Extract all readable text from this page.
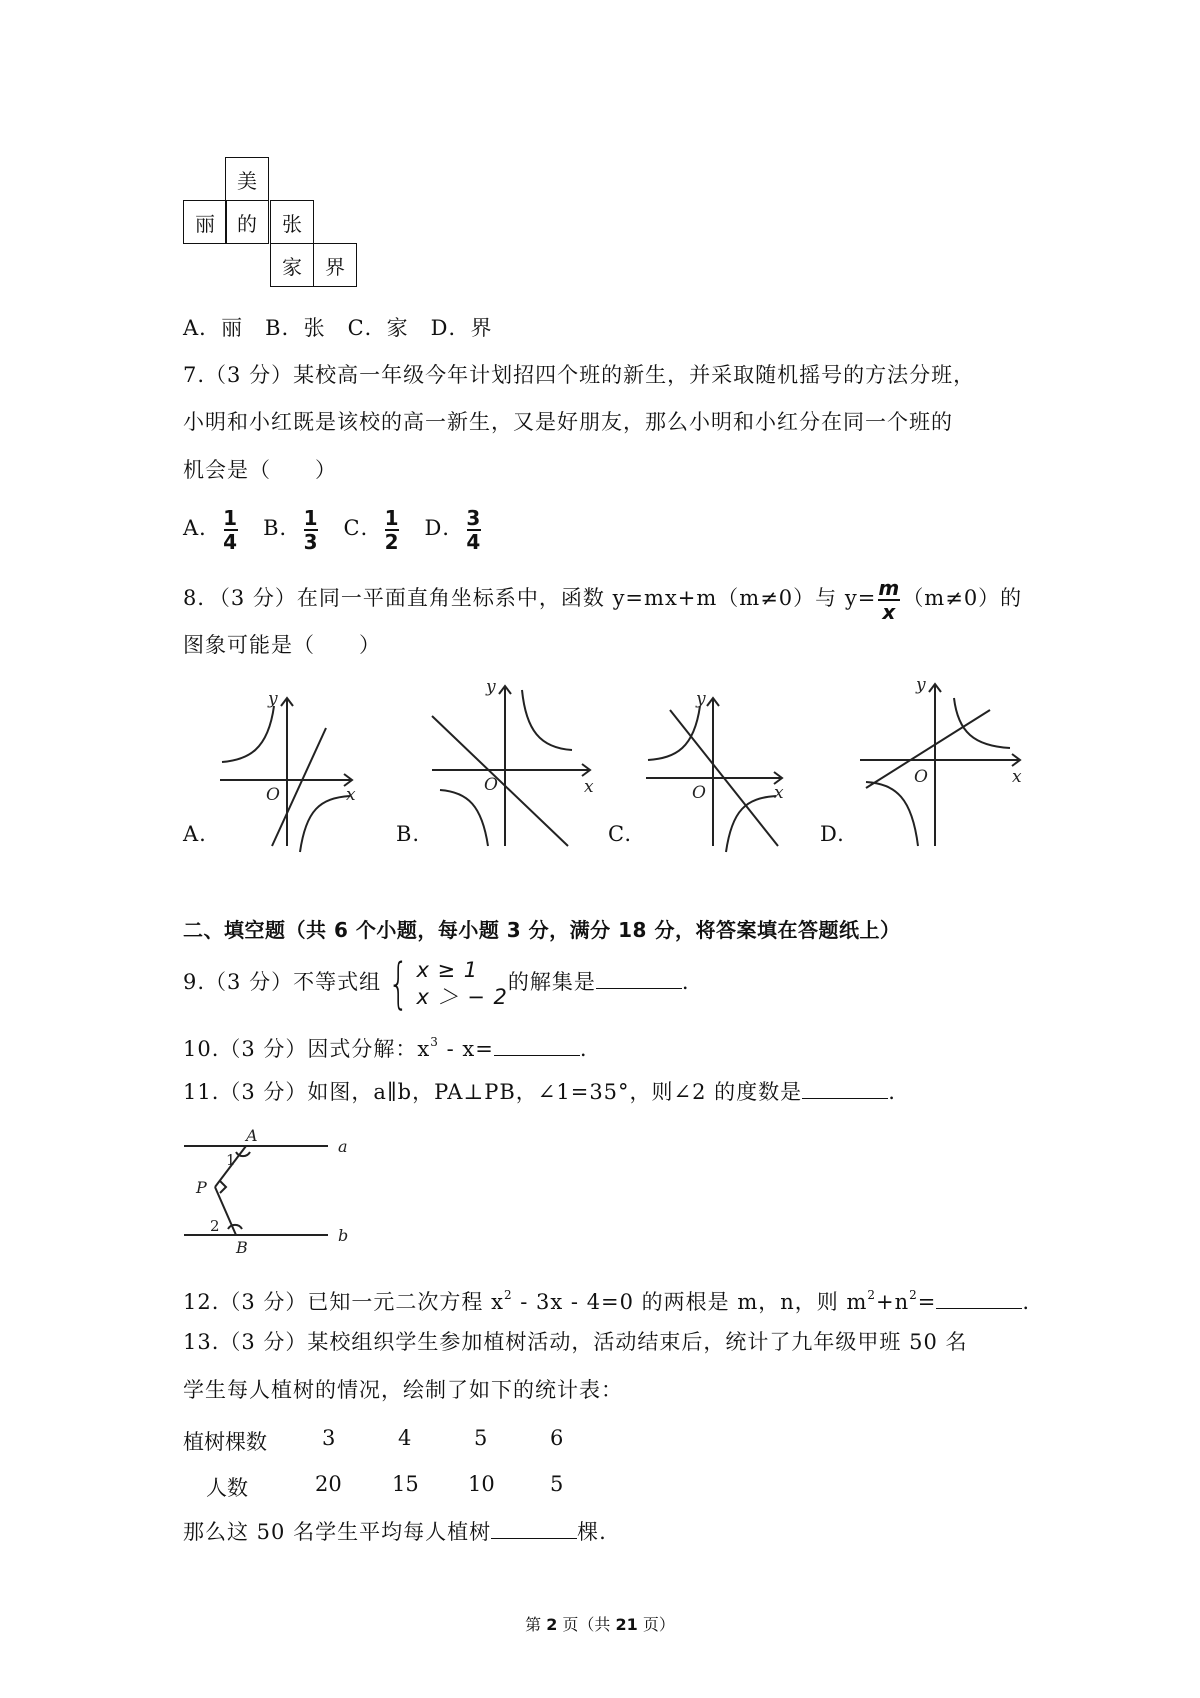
美
丽 的 张
家 界
A．丽　B．张　C．家　D．界
7.（3 分）某校高一年级今年计划招四个班的新生，并采取随机摇号的方法分班，
小明和小红既是该校的高一新生，又是好朋友，那么小明和小红分在同一个班的
机会是（　　）
A． $\frac{1}{4}$ B． $\frac{1}{3}$ C． $\frac{1}{2}$ D． $\frac{3}{4}$
8．（3 分）在同一平面直角坐标系中，函数 y=mx+m（m≠0）与 $y= \frac{m}{x} (m\ne 0)$的
图象可能是（　　）
y
x
O
y
x
O
y
x
O
y
x
O
A.	B.	C.	D.
二、填空题（共 6 个小题，每小题 3 分，满分 18 分，将答案填在答题纸上）
9.（3 分）不等式组 { x ≥ 1
x ＞ − 2
的解集是	.
10.（3 分）因式分解：$x^3 - x=$	.
11.（3 分）如图，a∥b，PA⊥PB，∠1=35°，则∠2 的度数是	.
A
a
P
B
b
1
2
12.（3 分）已知一元二次方程 $x^2 - 3x - 4=0$ 的两根是 m，n，则 $m^2+n^2=$	.
13.（3 分）某校组织学生参加植树活动，活动结束后，统计了九年级甲班 50 名
学生每人植树的情况，绘制了如下的统计表：
植树棵数	3	4	5	6
人数	20 15 10	5
那么这 50 名学生平均每人植树	棵.
第 2 页（共 21 页）
